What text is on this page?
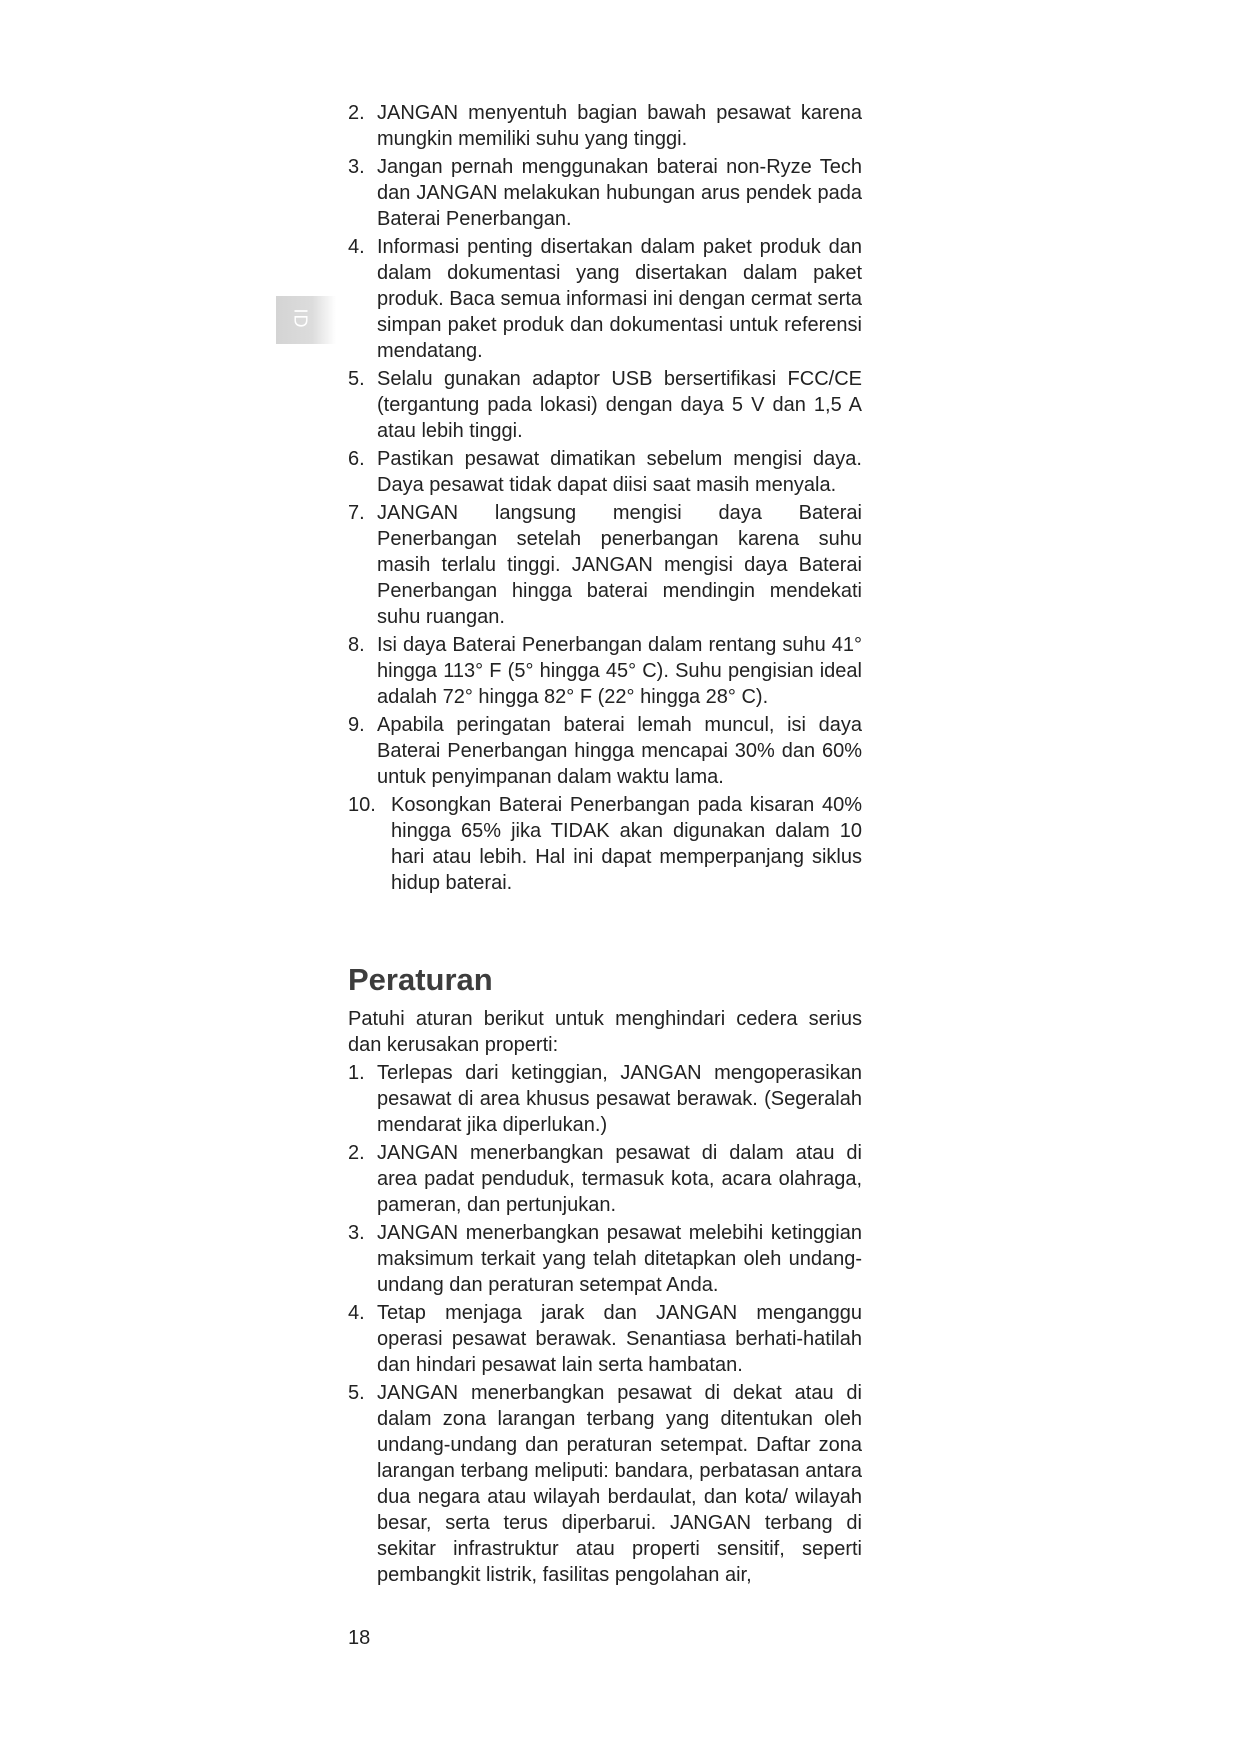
ID
2. JANGAN menyentuh bagian bawah pesawat karena mungkin memiliki suhu yang tinggi.
3. Jangan pernah menggunakan baterai non-Ryze Tech dan JANGAN melakukan hubungan arus pendek pada Baterai Penerbangan.
4. Informasi penting disertakan dalam paket produk dan dalam dokumentasi yang disertakan dalam paket produk. Baca semua informasi ini dengan cermat serta simpan paket produk dan dokumentasi untuk referensi mendatang.
5. Selalu gunakan adaptor USB bersertifikasi FCC/CE (tergantung pada lokasi) dengan daya 5 V dan 1,5 A atau lebih tinggi.
6. Pastikan pesawat dimatikan sebelum mengisi daya. Daya pesawat tidak dapat diisi saat masih menyala.
7. JANGAN langsung mengisi daya Baterai Penerbangan setelah penerbangan karena suhu masih terlalu tinggi. JANGAN mengisi daya Baterai Penerbangan hingga baterai mendingin mendekati suhu ruangan.
8. Isi daya Baterai Penerbangan dalam rentang suhu 41° hingga 113° F (5° hingga 45° C). Suhu pengisian ideal adalah 72° hingga 82° F (22° hingga 28° C).
9. Apabila peringatan baterai lemah muncul, isi daya Baterai Penerbangan hingga mencapai 30% dan 60% untuk penyimpanan dalam waktu lama.
10. Kosongkan Baterai Penerbangan pada kisaran 40% hingga 65% jika TIDAK akan digunakan dalam 10 hari atau lebih. Hal ini dapat memperpanjang siklus hidup baterai.
Peraturan
Patuhi aturan berikut untuk menghindari cedera serius dan kerusakan properti:
1. Terlepas dari ketinggian, JANGAN mengoperasikan pesawat di area khusus pesawat berawak. (Segeralah mendarat jika diperlukan.)
2. JANGAN menerbangkan pesawat di dalam atau di area padat penduduk, termasuk kota, acara olahraga, pameran, dan pertunjukan.
3. JANGAN menerbangkan pesawat melebihi ketinggian maksimum terkait yang telah ditetapkan oleh undang-undang dan peraturan setempat Anda.
4. Tetap menjaga jarak dan JANGAN menganggu operasi pesawat berawak. Senantiasa berhati-hatilah dan hindari pesawat lain serta hambatan.
5. JANGAN menerbangkan pesawat di dekat atau di dalam zona larangan terbang yang ditentukan oleh undang-undang dan peraturan setempat. Daftar zona larangan terbang meliputi: bandara, perbatasan antara dua negara atau wilayah berdaulat, dan kota/ wilayah besar, serta terus diperbarui. JANGAN terbang di sekitar infrastruktur atau properti sensitif, seperti pembangkit listrik, fasilitas pengolahan air,
18
